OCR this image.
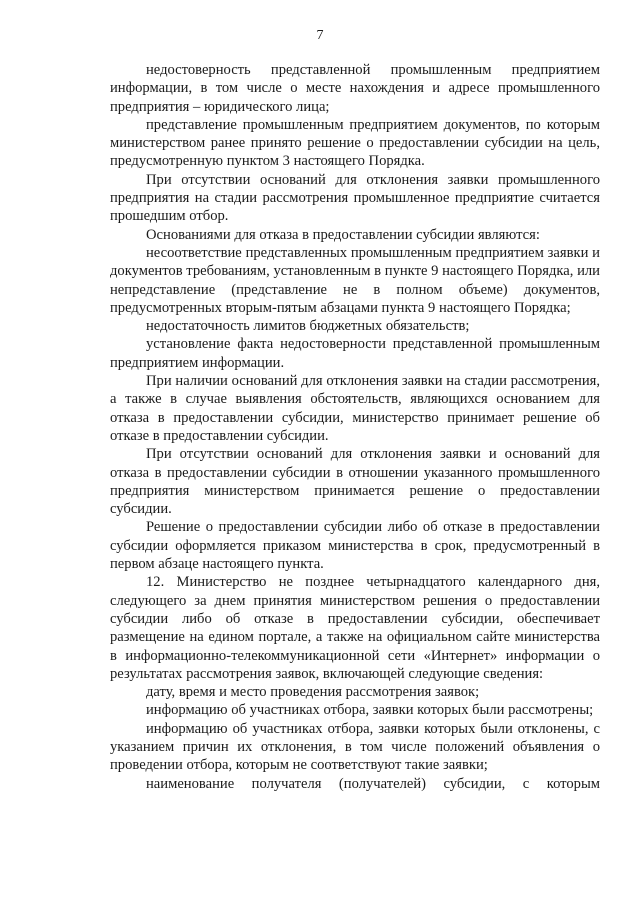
7

недостоверность представленной промышленным предприятием информации, в том числе о месте нахождения и адресе промышленного предприятия – юридического лица;

представление промышленным предприятием документов, по которым министерством ранее принято решение о предоставлении субсидии на цель, предусмотренную пунктом 3 настоящего Порядка.

При отсутствии оснований для отклонения заявки промышленного предприятия на стадии рассмотрения промышленное предприятие считается прошедшим отбор.

Основаниями для отказа в предоставлении субсидии являются:

несоответствие представленных промышленным предприятием заявки и документов требованиям, установленным в пункте 9 настоящего Порядка, или непредставление (представление не в полном объеме) документов, предусмотренных вторым-пятым абзацами пункта 9 настоящего Порядка;

недостаточность лимитов бюджетных обязательств;

установление факта недостоверности представленной промышленным предприятием информации.

При наличии оснований для отклонения заявки на стадии рассмотрения, а также в случае выявления обстоятельств, являющихся основанием для отказа в предоставлении субсидии, министерство принимает решение об отказе в предоставлении субсидии.

При отсутствии оснований для отклонения заявки и оснований для отказа в предоставлении субсидии в отношении указанного промышленного предприятия министерством принимается решение о предоставлении субсидии.

Решение о предоставлении субсидии либо об отказе в предоставлении субсидии оформляется приказом министерства в срок, предусмотренный в первом абзаце настоящего пункта.

12. Министерство не позднее четырнадцатого календарного дня, следующего за днем принятия министерством решения о предоставлении субсидии либо об отказе в предоставлении субсидии, обеспечивает размещение на едином портале, а также на официальном сайте министерства в информационно-телекоммуникационной сети «Интернет» информации о результатах рассмотрения заявок, включающей следующие сведения:

дату, время и место проведения рассмотрения заявок;

информацию об участниках отбора, заявки которых были рассмотрены;

информацию об участниках отбора, заявки которых были отклонены, с указанием причин их отклонения, в том числе положений объявления о проведении отбора, которым не соответствуют такие заявки;

наименование получателя (получателей) субсидии, с которым
